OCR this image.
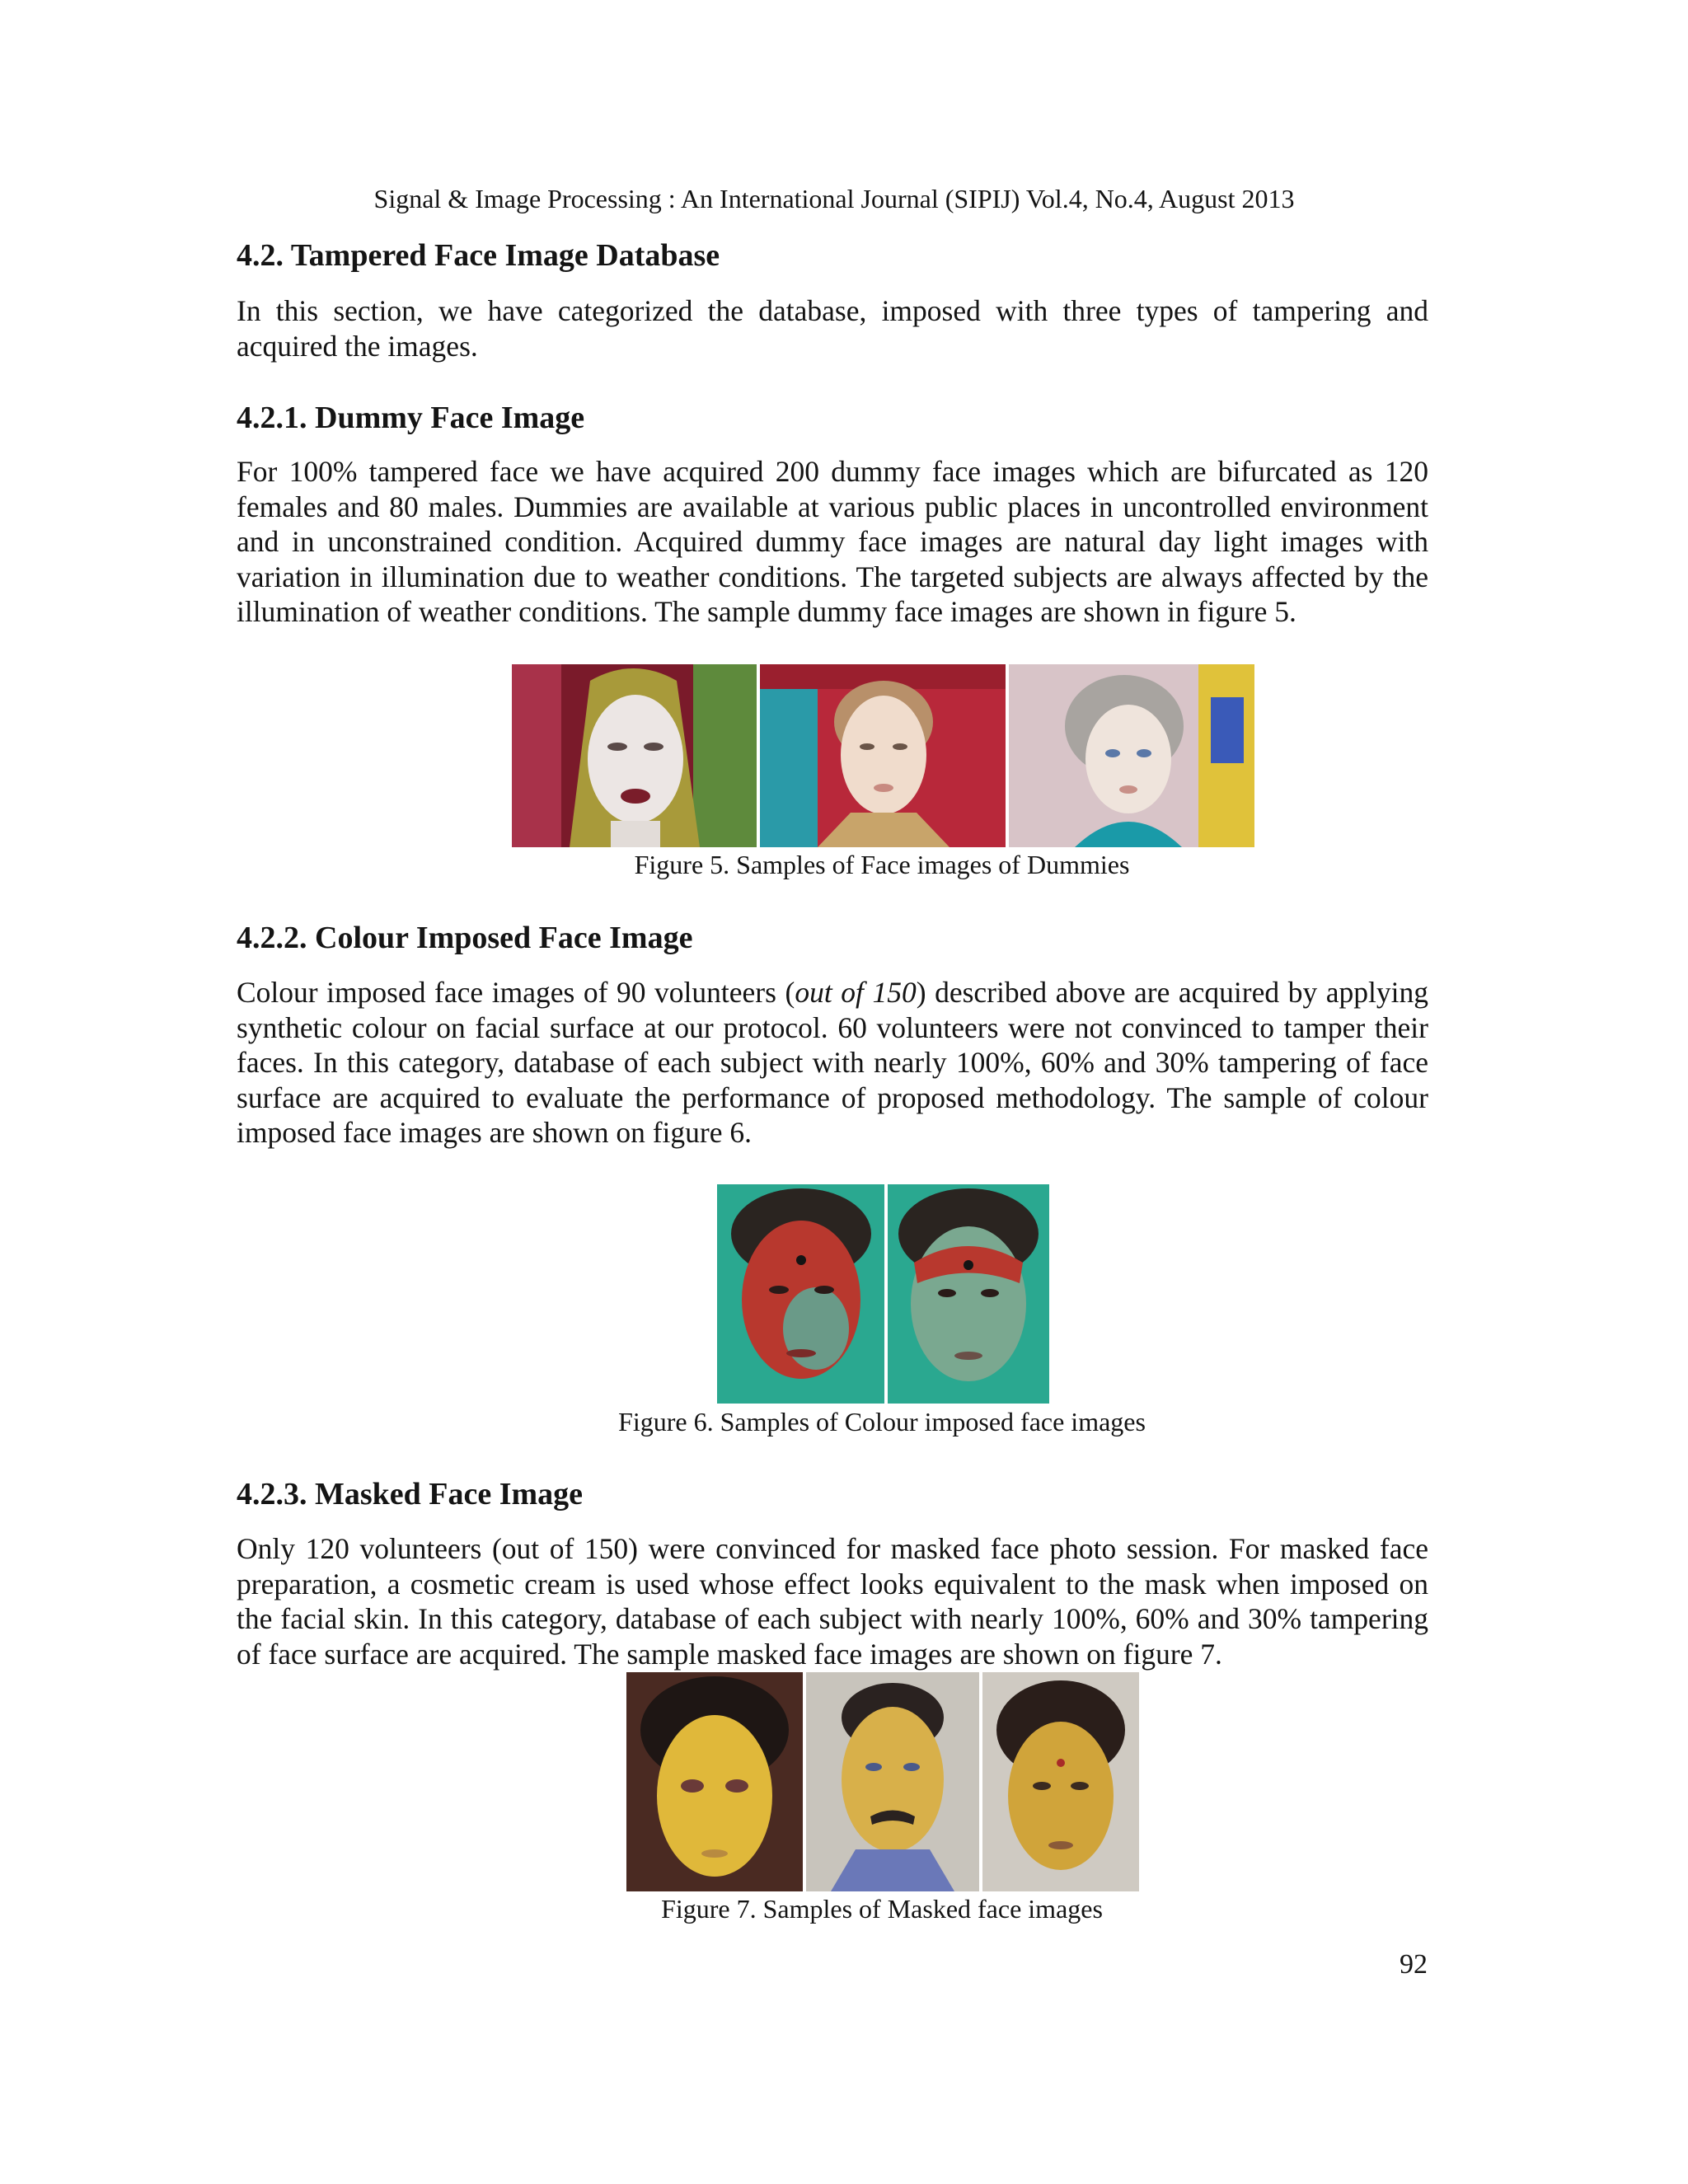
Signal & Image Processing : An International Journal (SIPIJ) Vol.4, No.4, August 2013
4.2. Tampered Face Image Database
In this section, we have categorized the database, imposed with three types of tampering and acquired the images.
4.2.1. Dummy Face Image
For 100% tampered face we have acquired 200 dummy face images which are bifurcated as 120 females and 80 males. Dummies are available at various public places in uncontrolled environment and in unconstrained condition. Acquired dummy face images are natural day light images with variation in illumination due to weather conditions. The targeted subjects are always affected by the illumination of weather conditions. The sample dummy face images are shown in figure 5.
Figure 5. Samples of Face images of Dummies
4.2.2. Colour Imposed Face Image
Colour imposed face images of 90 volunteers (out of 150) described above are acquired by applying synthetic colour on facial surface at our protocol. 60 volunteers were not convinced to tamper their faces. In this category, database of each subject with nearly 100%, 60% and 30% tampering of face surface are acquired to evaluate the performance of proposed methodology. The sample of colour imposed face images are shown on figure 6.
Figure 6. Samples of Colour imposed face images
4.2.3. Masked Face Image
Only 120 volunteers (out of 150) were convinced for masked face photo session. For masked face preparation, a cosmetic cream is used whose effect looks equivalent to the mask when imposed on the facial skin. In this category, database of each subject with nearly 100%, 60% and 30% tampering of face surface are acquired. The sample masked face images are shown on figure 7.
Figure 7. Samples of Masked face images
92
